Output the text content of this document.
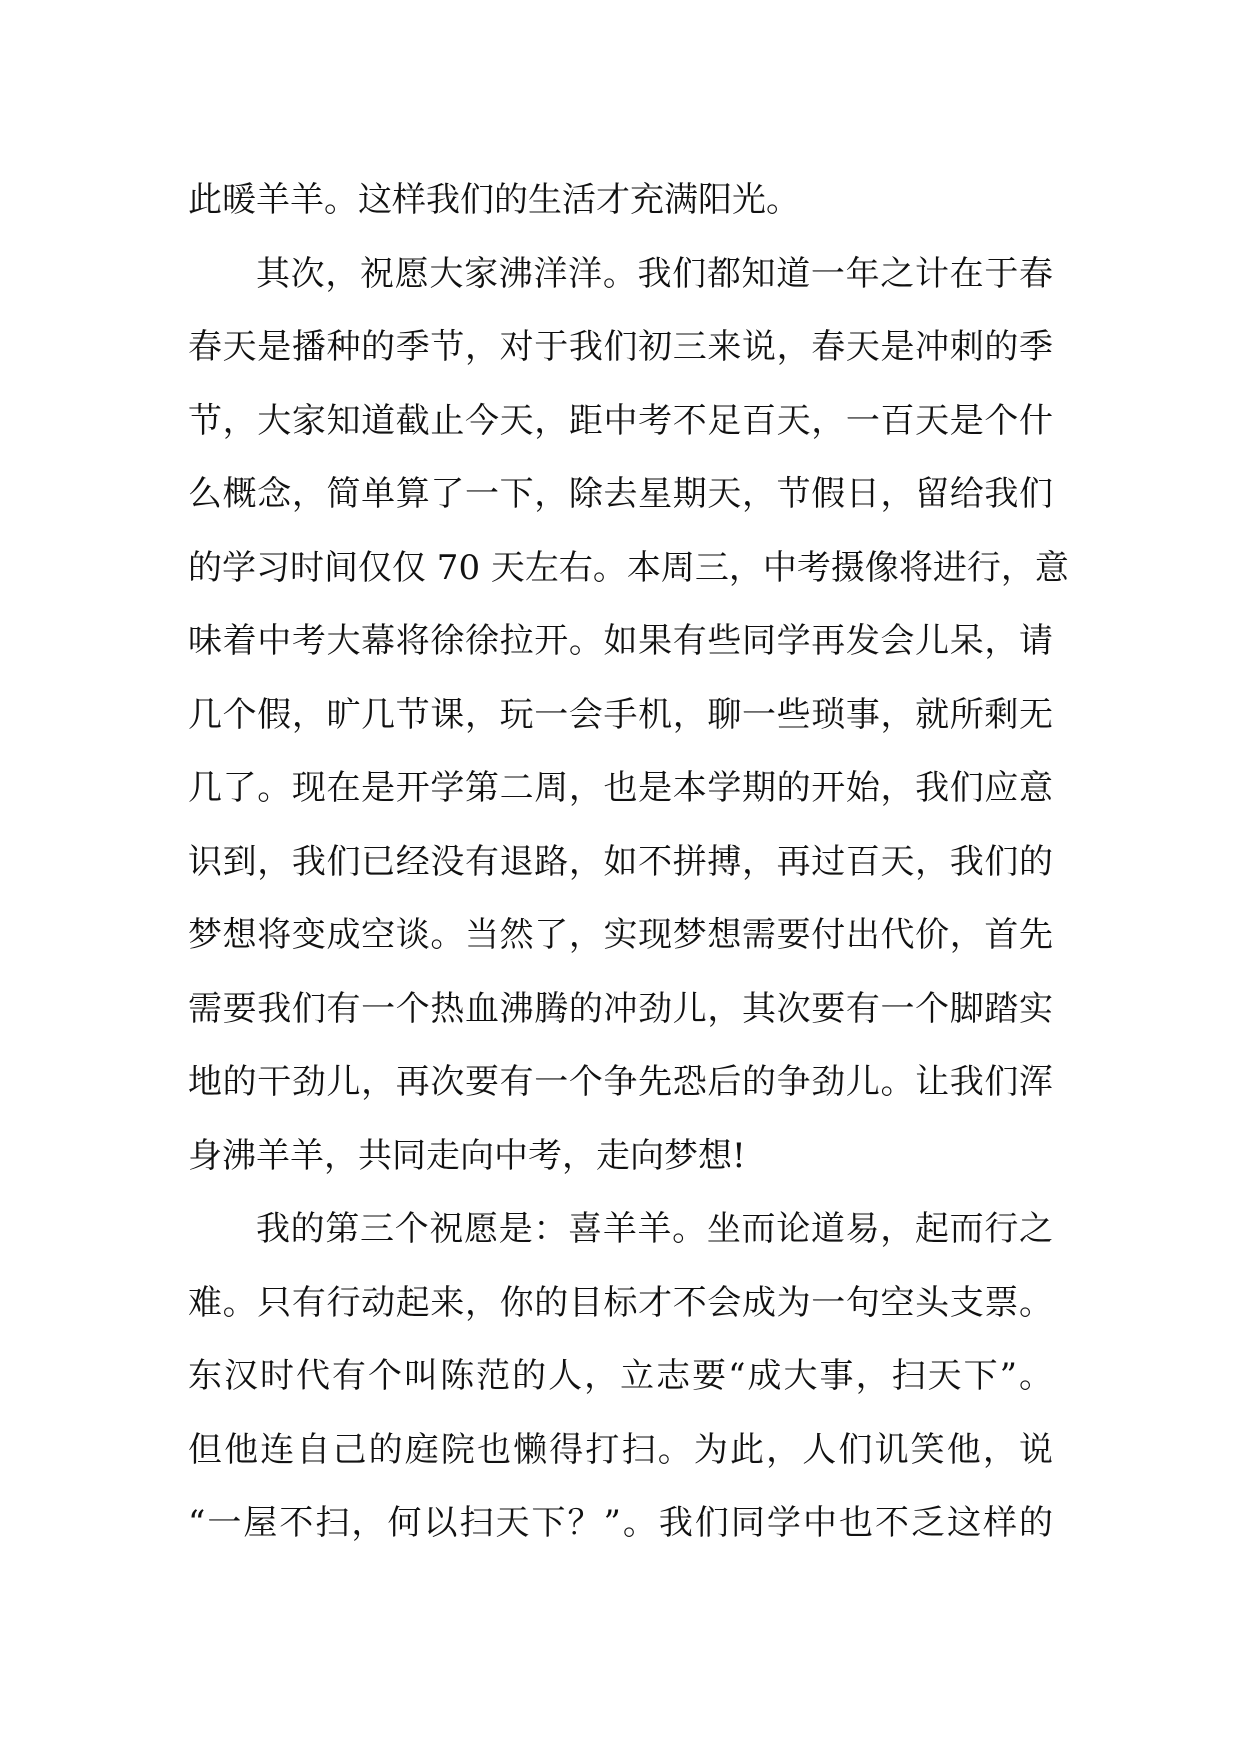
此暖羊羊。这样我们的生活才充满阳光。
其次，祝愿大家沸洋洋。我们都知道一年之计在于春
春天是播种的季节，对于我们初三来说，春天是冲刺的季
节，大家知道截止今天，距中考不足百天，一百天是个什
么概念，简单算了一下，除去星期天，节假日，留给我们
的学习时间仅仅 70 天左右。本周三，中考摄像将进行，意
味着中考大幕将徐徐拉开。如果有些同学再发会儿呆，请
几个假，旷几节课，玩一会手机，聊一些琐事，就所剩无
几了。现在是开学第二周，也是本学期的开始，我们应意
识到，我们已经没有退路，如不拼搏，再过百天，我们的
梦想将变成空谈。当然了，实现梦想需要付出代价，首先
需要我们有一个热血沸腾的冲劲儿，其次要有一个脚踏实
地的干劲儿，再次要有一个争先恐后的争劲儿。让我们浑
身沸羊羊，共同走向中考，走向梦想!
我的第三个祝愿是：喜羊羊。坐而论道易，起而行之
难。只有行动起来，你的目标才不会成为一句空头支票。
东汉时代有个叫陈范的人，立志要“成大事，扫天下”。
但他连自己的庭院也懒得打扫。为此，人们讥笑他，说
“一屋不扫，何以扫天下？”。我们同学中也不乏这样的
